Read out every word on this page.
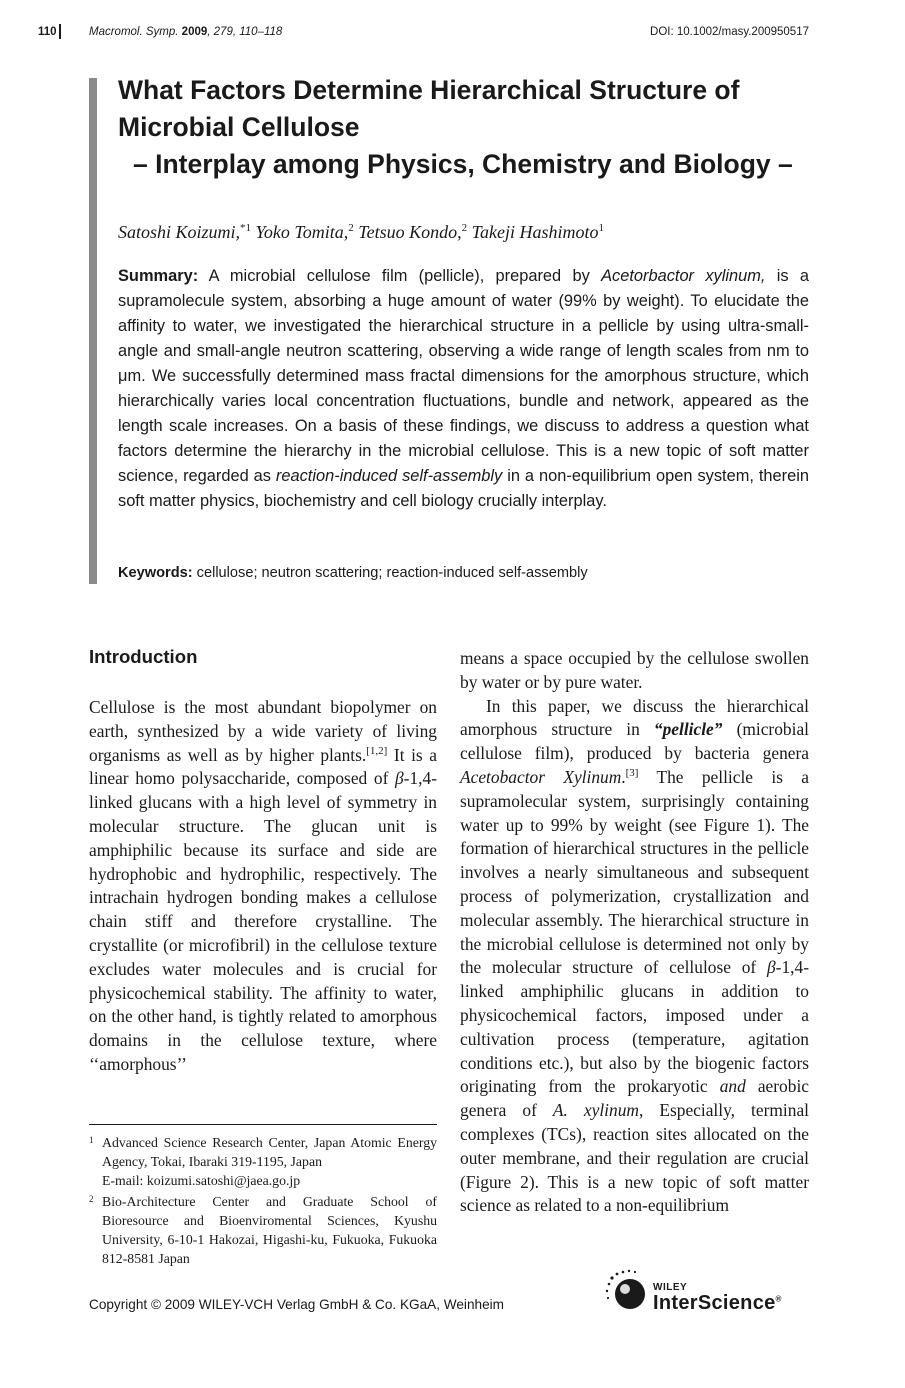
110	Macromol. Symp. 2009, 279, 110–118	DOI: 10.1002/masy.200950517
What Factors Determine Hierarchical Structure of
Microbial Cellulose
– Interplay among Physics, Chemistry and Biology –
Satoshi Koizumi,$^{*1}$ Yoko Tomita,$^2$ Tetsuo Kondo,$^2$ Takeji Hashimoto$^1$

Summary: A microbial cellulose film (pellicle), prepared by Acetorbactor xylinum, is a supramolecule system, absorbing a huge amount of water (99% by weight). To elucidate the affinity to water, we investigated the hierarchical structure in a pellicle by using ultra-small-angle and small-angle neutron scattering, observing a wide range of length scales from nm to μm. We successfully determined mass fractal dimensions for the amorphous structure, which hierarchically varies local concentration fluctuations, bundle and network, appeared as the length scale increases. On a basis of these findings, we discuss to address a question what factors determine the hierarchy in the microbial cellulose. This is a new topic of soft matter science, regarded as reaction-induced self-assembly in a non-equilibrium open system, therein soft matter physics, biochemistry and cell biology crucially interplay.

Keywords: cellulose; neutron scattering; reaction-induced self-assembly
Introduction

Cellulose is the most abundant biopolymer on earth, synthesized by a wide variety of living organisms as well as by higher plants.[1,2] It is a linear homo polysaccharide, composed of β-1,4-linked glucans with a high level of symmetry in molecular structure. The glucan unit is amphiphilic because its surface and side are hydrophobic and hydrophilic, respectively. The intrachain hydrogen bonding makes a cellulose chain stiff and therefore crystalline. The crystallite (or microfibril) in the cellulose texture excludes water molecules and is crucial for physicochemical stability. The affinity to water, on the other hand, is tightly related to amorphous domains in the cellulose texture, where ‘‘amorphous’’

means a space occupied by the cellulose swollen by water or by pure water.

In this paper, we discuss the hierarchical amorphous structure in “pellicle” (microbial cellulose film), produced by bacteria genera Acetobactor Xylinum.[3] The pellicle is a supramolecular system, surprisingly containing water up to 99% by weight (see Figure 1). The formation of hierarchical structures in the pellicle involves a nearly simultaneous and subsequent process of polymerization, crystallization and molecular assembly. The hierarchical structure in the microbial cellulose is determined not only by the molecular structure of cellulose of β-1,4-linked amphiphilic glucans in addition to physicochemical factors, imposed under a cultivation process (temperature, agitation conditions etc.), but also by the biogenic factors originating from the prokaryotic and aerobic genera of A. xylinum, Especially, terminal complexes (TCs), reaction sites allocated on the outer membrane, and their regulation are crucial (Figure 2). This is a new topic of soft matter science as related to a non-equilibrium

1 Advanced Science Research Center, Japan Atomic Energy Agency, Tokai, Ibaraki 319-1195, Japan
E-mail: koizumi.satoshi@jaea.go.jp
2 Bio-Architecture Center and Graduate School of Bioresource and Bioenviromental Sciences, Kyushu University, 6-10-1 Hakozai, Higashi-ku, Fukuoka, Fukuoka 812-8581 Japan
Copyright © 2009 WILEY-VCH Verlag GmbH & Co. KGaA, Weinheim
WILEY
InterScience®
